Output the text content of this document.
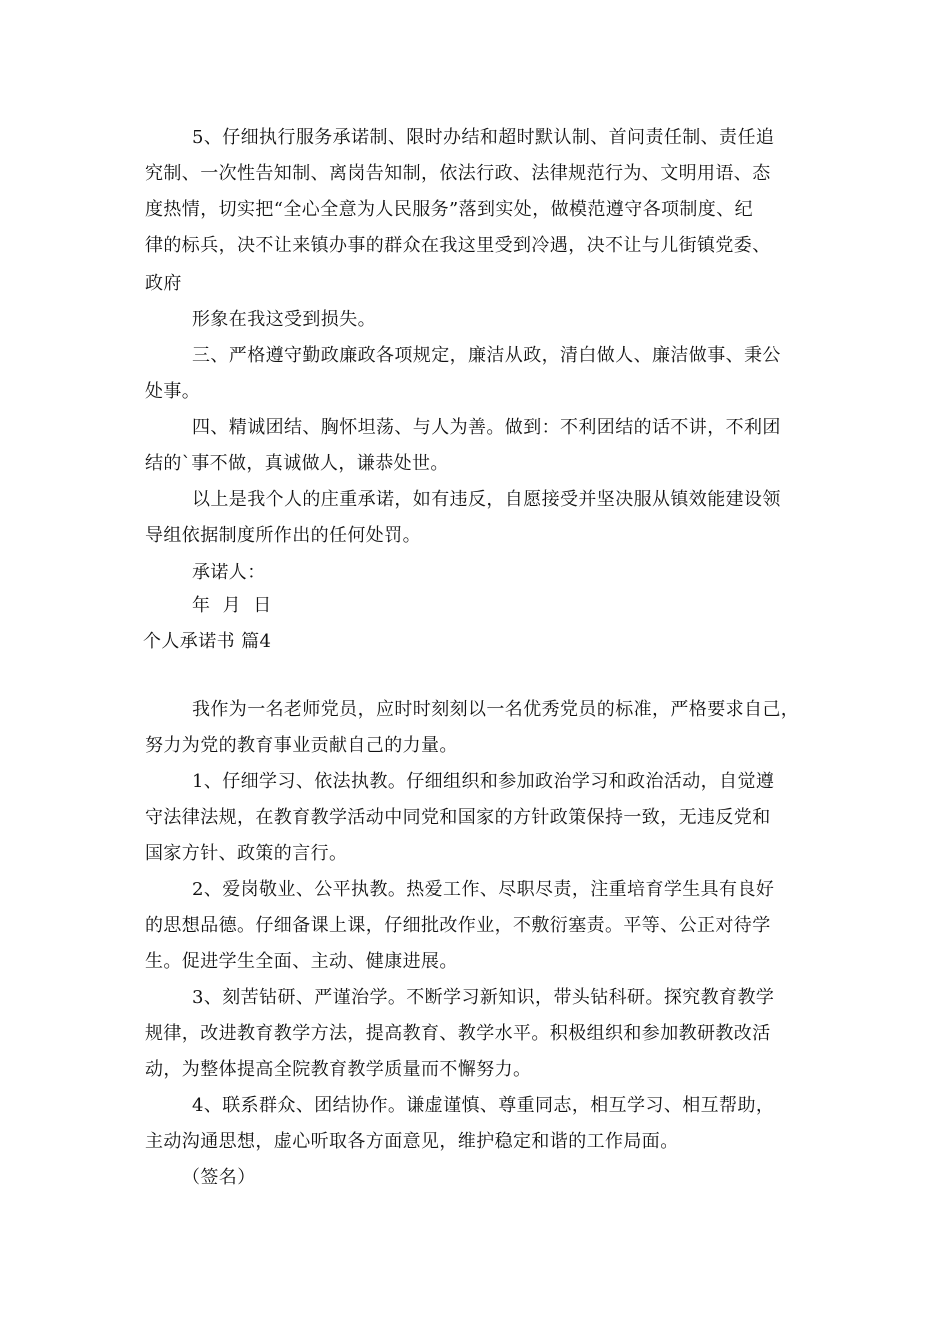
5、仔细执行服务承诺制、限时办结和超时默认制、首问责任制、责任追
究制、一次性告知制、离岗告知制，依法行政、法律规范行为、文明用语、态
度热情，切实把“全心全意为人民服务”落到实处，做模范遵守各项制度、纪
律的标兵，决不让来镇办事的群众在我这里受到冷遇，决不让与儿街镇党委、
政府
形象在我这受到损失。
三、严格遵守勤政廉政各项规定，廉洁从政，清白做人、廉洁做事、秉公
处事。
四、精诚团结、胸怀坦荡、与人为善。做到：不利团结的话不讲，不利团
结的`事不做，真诚做人，谦恭处世。
以上是我个人的庄重承诺，如有违反，自愿接受并坚决服从镇效能建设领
导组依据制度所作出的任何处罚。
承诺人：
年  月  日
个人承诺书 篇4
我作为一名老师党员，应时时刻刻以一名优秀党员的标准，严格要求自己，
努力为党的教育事业贡献自己的力量。
1、仔细学习、依法执教。仔细组织和参加政治学习和政治活动，自觉遵
守法律法规，在教育教学活动中同党和国家的方针政策保持一致，无违反党和
国家方针、政策的言行。
2、爱岗敬业、公平执教。热爱工作、尽职尽责，注重培育学生具有良好
的思想品德。仔细备课上课，仔细批改作业，不敷衍塞责。平等、公正对待学
生。促进学生全面、主动、健康进展。
3、刻苦钻研、严谨治学。不断学习新知识，带头钻科研。探究教育教学
规律，改进教育教学方法，提高教育、教学水平。积极组织和参加教研教改活
动，为整体提高全院教育教学质量而不懈努力。
4、联系群众、团结协作。谦虚谨慎、尊重同志，相互学习、相互帮助，
主动沟通思想，虚心听取各方面意见，维护稳定和谐的工作局面。
（签名）
